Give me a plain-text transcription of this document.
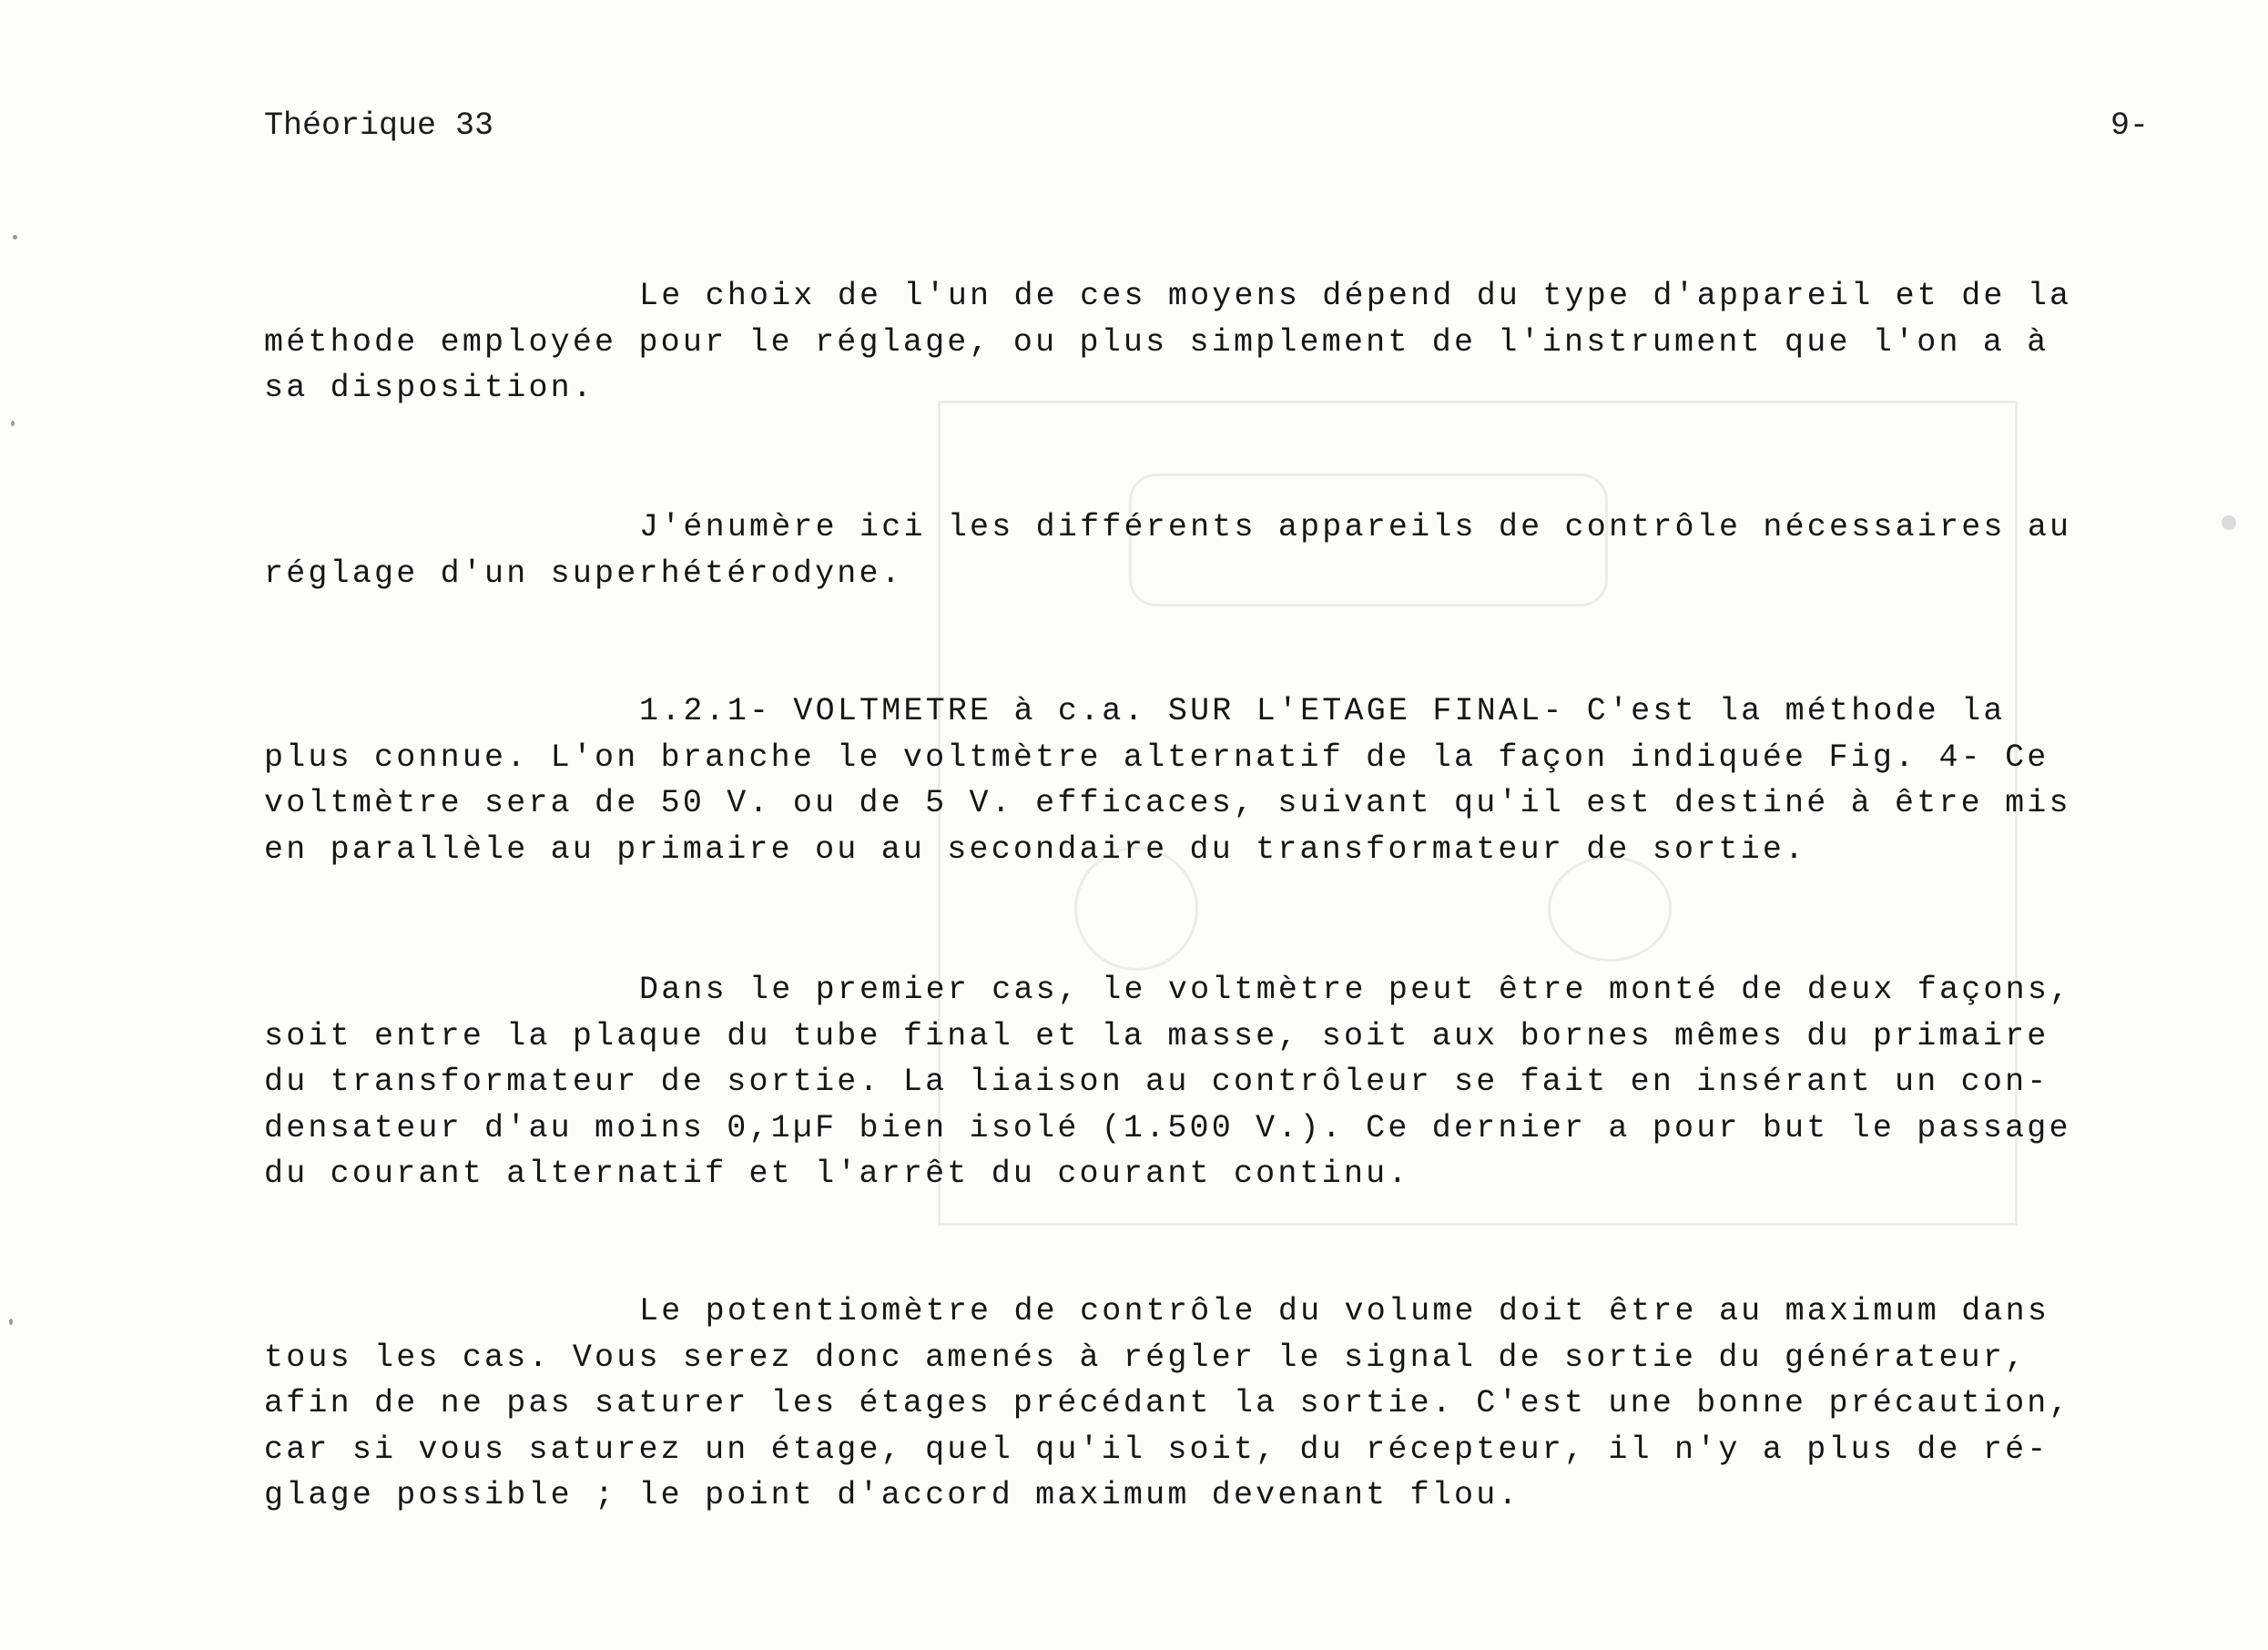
Théorique 33	9-

Le choix de l'un de ces moyens dépend du type d'appareil et de la
méthode employée pour le réglage, ou plus simplement de l'instrument que l'on a à
sa disposition.

J'énumère ici les différents appareils de contrôle nécessaires au
réglage d'un superhétérodyne.

1.2.1- VOLTMETRE à c.a. SUR L'ETAGE FINAL- C'est la méthode la
plus connue. L'on branche le voltmètre alternatif de la façon indiquée Fig. 4- Ce
voltmètre sera de 50 V. ou de 5 V. efficaces, suivant qu'il est destiné à être mis
en parallèle au primaire ou au secondaire du transformateur de sortie.

Dans le premier cas, le voltmètre peut être monté de deux façons,
soit entre la plaque du tube final et la masse, soit aux bornes mêmes du primaire
du transformateur de sortie. La liaison au contrôleur se fait en insérant un con-
densateur d'au moins 0,1µF bien isolé (1.500 V.). Ce dernier a pour but le passage
du courant alternatif et l'arrêt du courant continu.

Le potentiomètre de contrôle du volume doit être au maximum dans
tous les cas. Vous serez donc amenés à régler le signal de sortie du générateur,
afin de ne pas saturer les étages précédant la sortie. C'est une bonne précaution,
car si vous saturez un étage, quel qu'il soit, du récepteur, il n'y a plus de ré-
glage possible ; le point d'accord maximum devenant flou.
